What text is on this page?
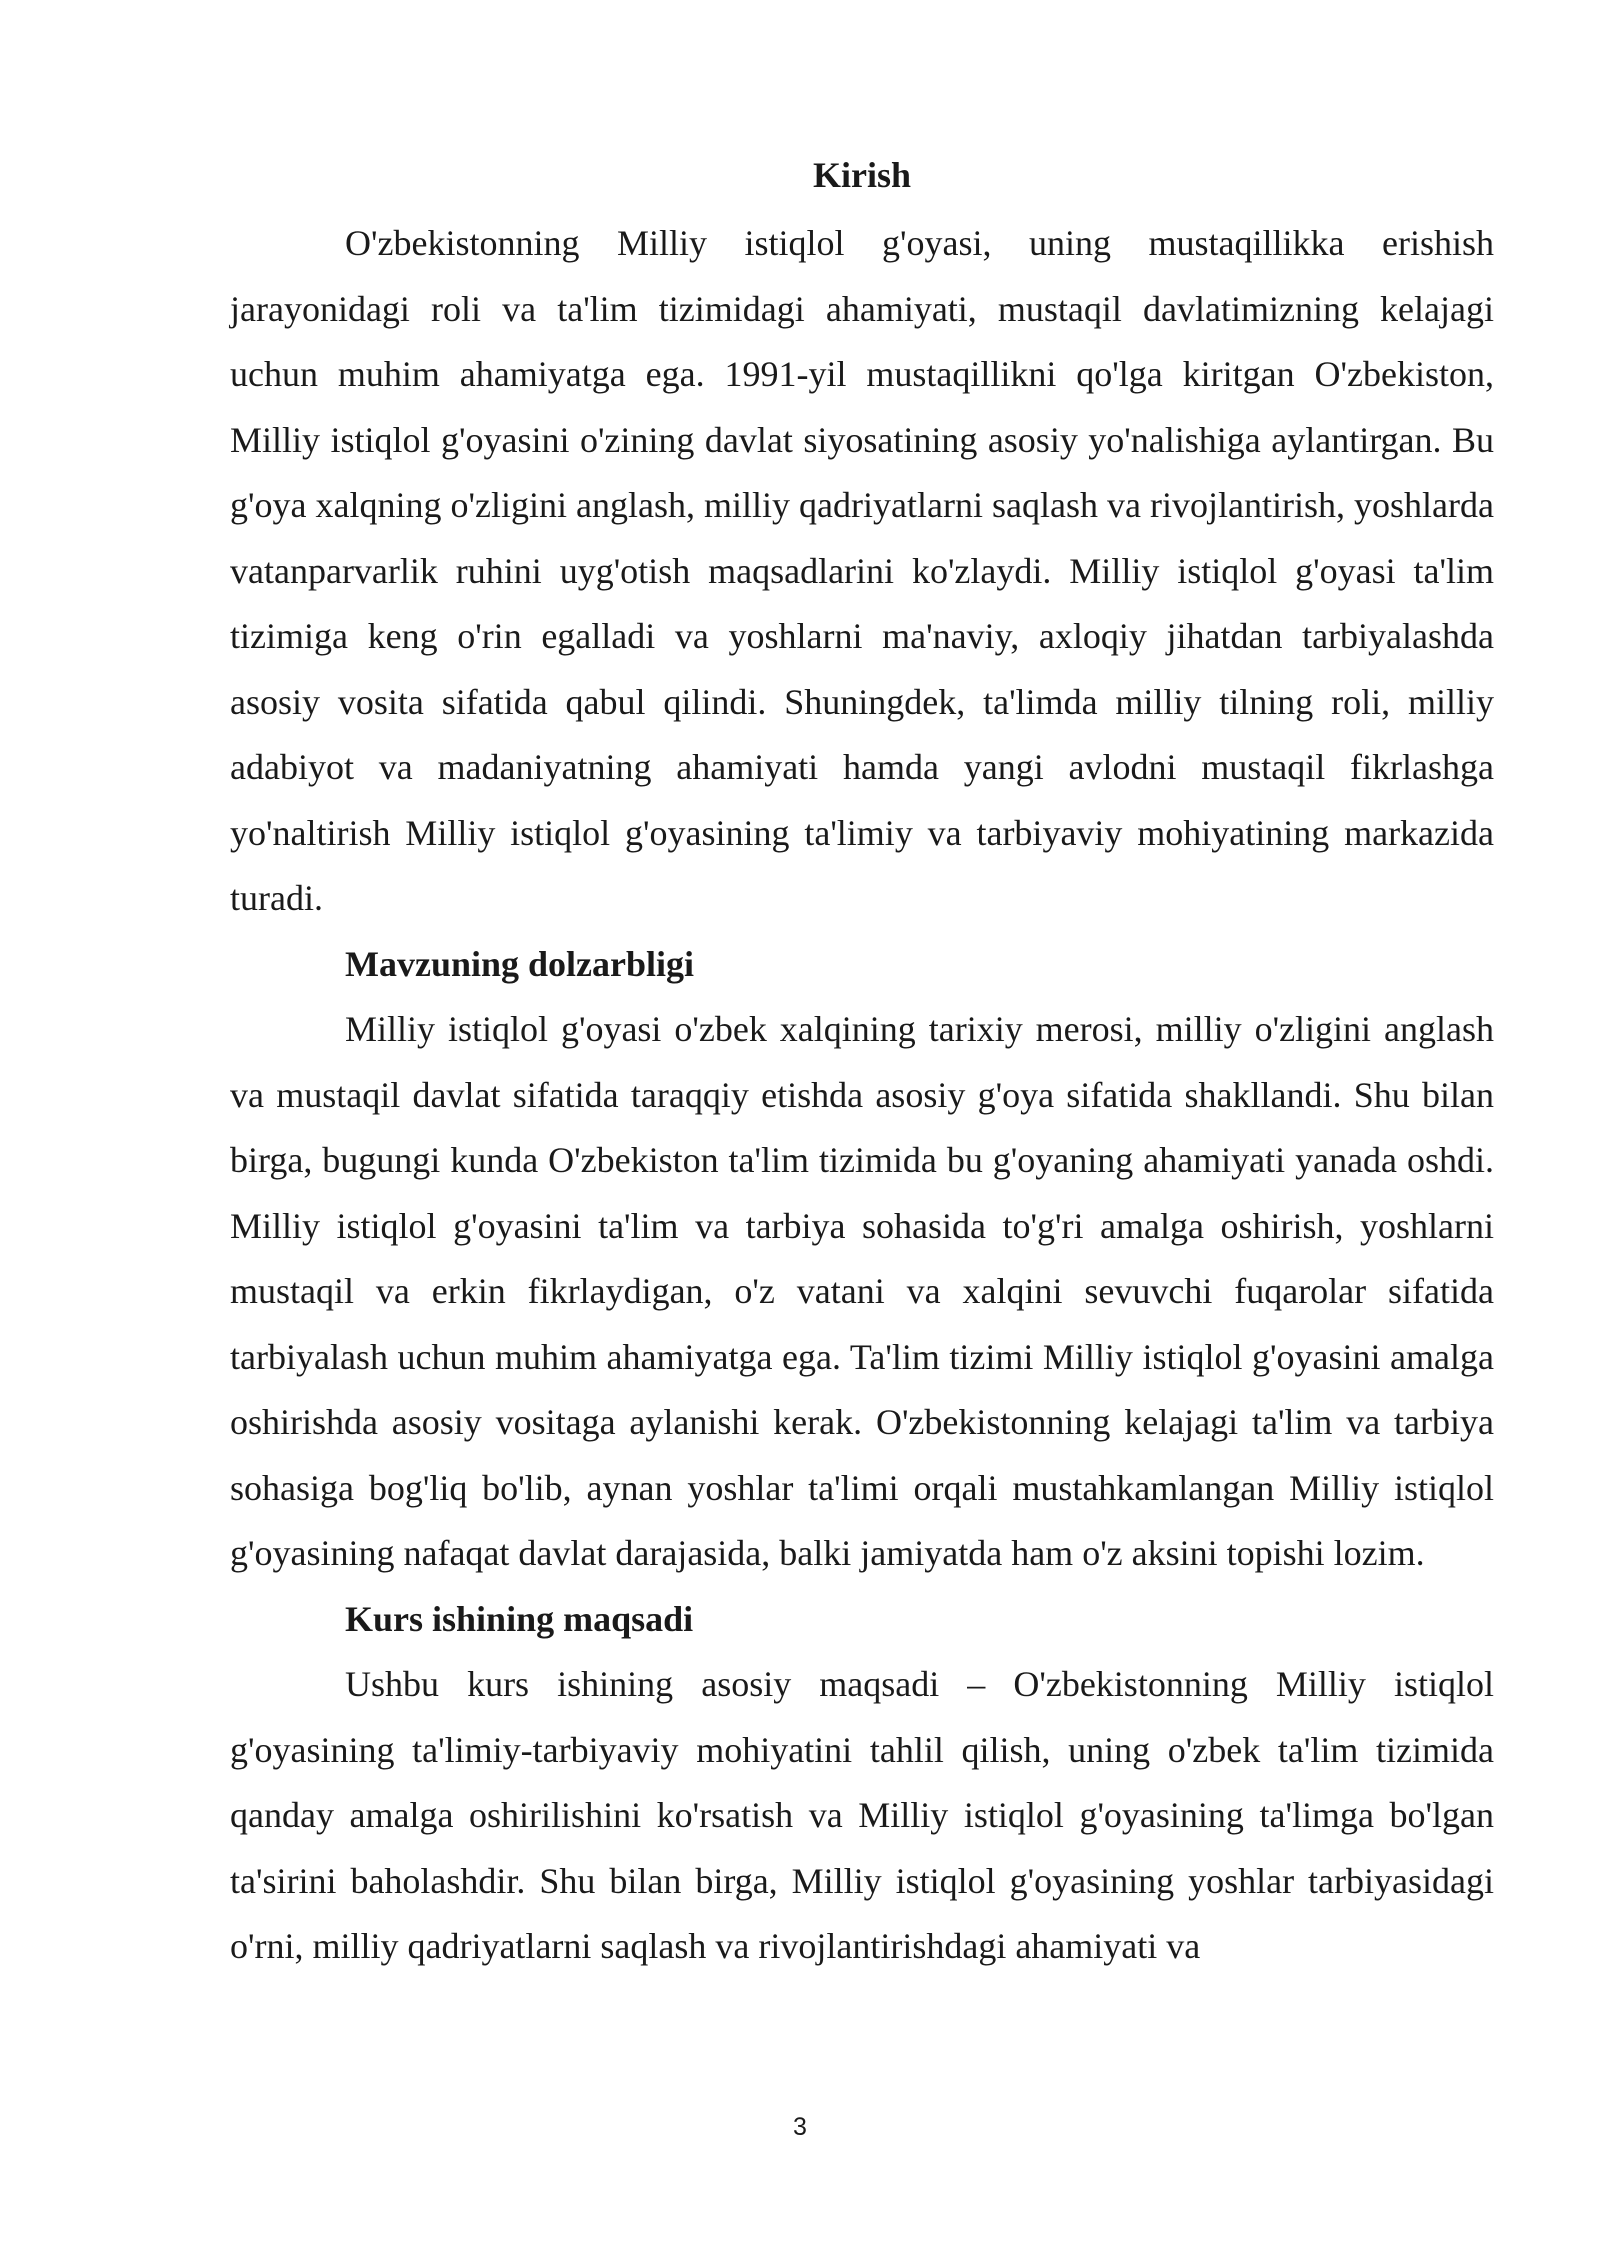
Kirish

O'zbekistonning Milliy istiqlol g'oyasi, uning mustaqillikka erishish jarayonidagi roli va ta'lim tizimidagi ahamiyati, mustaqil davlatimizning kelajagi uchun muhim ahamiyatga ega. 1991-yil mustaqillikni qo'lga kiritgan O'zbekiston, Milliy istiqlol g'oyasini o'zining davlat siyosatining asosiy yo'nalishiga aylantirgan. Bu g'oya xalqning o'zligini anglash, milliy qadriyatlarni saqlash va rivojlantirish, yoshlarda vatanparvarlik ruhini uyg'otish maqsadlarini ko'zlaydi. Milliy istiqlol g'oyasi ta'lim tizimiga keng o'rin egalladi va yoshlarni ma'naviy, axloqiy jihatdan tarbiyalashda asosiy vosita sifatida qabul qilindi. Shuningdek, ta'limda milliy tilning roli, milliy adabiyot va madaniyatning ahamiyati hamda yangi avlodni mustaqil fikrlashga yo'naltirish Milliy istiqlol g'oyasining ta'limiy va tarbiyaviy mohiyatining markazida turadi.

Mavzuning dolzarbligi

Milliy istiqlol g'oyasi o'zbek xalqining tarixiy merosi, milliy o'zligini anglash va mustaqil davlat sifatida taraqqiy etishda asosiy g'oya sifatida shakllandi. Shu bilan birga, bugungi kunda O'zbekiston ta'lim tizimida bu g'oyaning ahamiyati yanada oshdi. Milliy istiqlol g'oyasini ta'lim va tarbiya sohasida to'g'ri amalga oshirish, yoshlarni mustaqil va erkin fikrlaydigan, o'z vatani va xalqini sevuvchi fuqarolar sifatida tarbiyalash uchun muhim ahamiyatga ega. Ta'lim tizimi Milliy istiqlol g'oyasini amalga oshirishda asosiy vositaga aylanishi kerak. O'zbekistonning kelajagi ta'lim va tarbiya sohasiga bog'liq bo'lib, aynan yoshlar ta'limi orqali mustahkamlangan Milliy istiqlol g'oyasining nafaqat davlat darajasida, balki jamiyatda ham o'z aksini topishi lozim.

Kurs ishining maqsadi

Ushbu kurs ishining asosiy maqsadi – O'zbekistonning Milliy istiqlol g'oyasining ta'limiy-tarbiyaviy mohiyatini tahlil qilish, uning o'zbek ta'lim tizimida qanday amalga oshirilishini ko'rsatish va Milliy istiqlol g'oyasining ta'limga bo'lgan ta'sirini baholashdir. Shu bilan birga, Milliy istiqlol g'oyasining yoshlar tarbiyasidagi o'rni, milliy qadriyatlarni saqlash va rivojlantirishdagi ahamiyati va

3
